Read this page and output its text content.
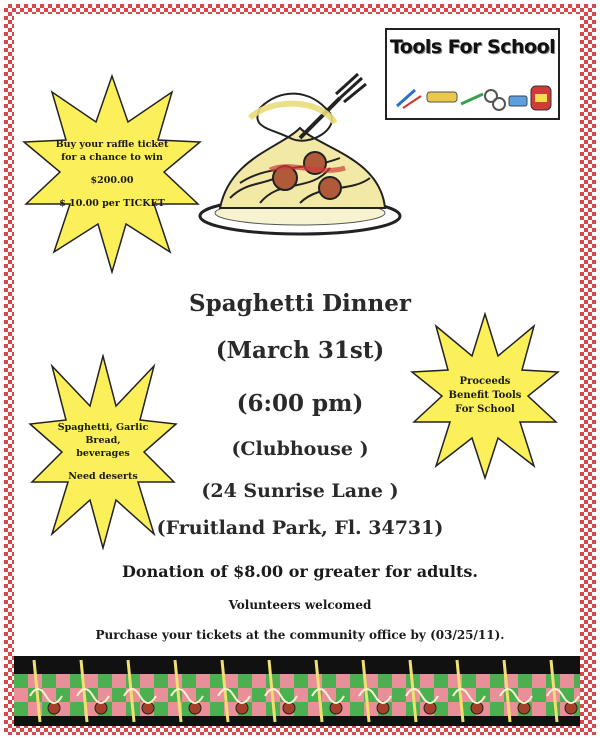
Tools For School
Buy your raffle ticket
for a chance to win
$200.00
$ 10.00 per TICKET
Spaghetti, Garlic
Bread,
beverages
Need deserts
Proceeds
Benefit Tools
For School
Spaghetti Dinner
(March 31st)
(6:00 pm)
(Clubhouse )
(24 Sunrise Lane )
(Fruitland Park, Fl. 34731)
Donation of $8.00 or greater for adults.
Volunteers welcomed
Purchase your tickets at the community office by (03/25/11).
